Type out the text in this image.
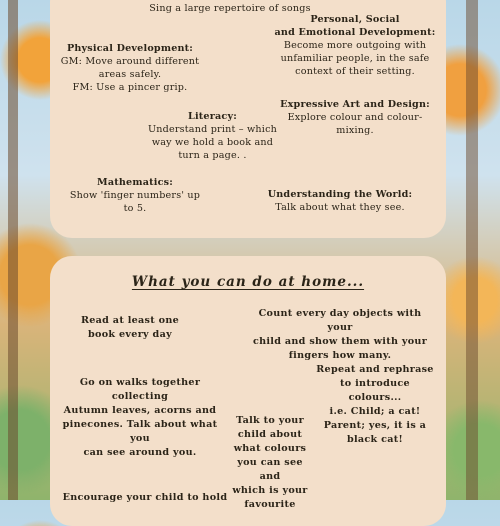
Sing a large repertoire of songs
Personal, Social
and Emotional Development:
Become more outgoing with
unfamiliar people, in the safe
context of their setting.
Physical Development:
GM: Move around different
areas safely.
FM: Use a pincer grip.
Literacy:
Understand print – which
way we hold a book and
turn a page. .
Expressive Art and Design:
Explore colour and colour-
mixing.
Mathematics:
Show 'finger numbers' up
to 5.
Understanding the World:
Talk about what they see.
What you can do at home...
Read at least one
book every day
Count every day objects with your
child and show them with your
fingers how many.
Repeat and rephrase
to introduce colours...
i.e. Child; a cat!
Parent; yes, it is a
black cat!
Go on walks together collecting
Autumn leaves, acorns and
pinecones. Talk about what you
can see around you.
Talk to your
child about
what colours
you can see and
which is your
favourite
Encourage your child to hold
